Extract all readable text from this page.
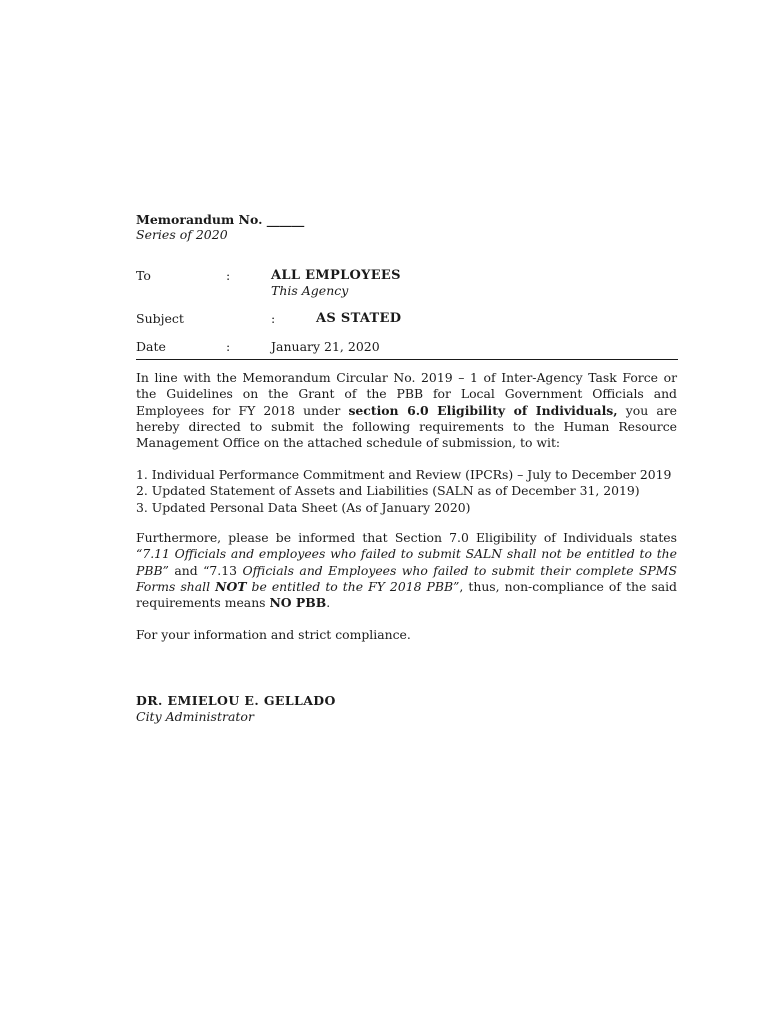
Memorandum No. ______
Series of 2020
To	:	ALL EMPLOYEES
This Agency
Subject	:	AS STATED
Date	:	January 21, 2020
In line with the Memorandum Circular No. 2019 – 1 of Inter-Agency Task Force or the Guidelines on the Grant of the PBB for Local Government Officials and Employees for FY 2018 under section 6.0 Eligibility of Individuals, you are hereby directed to submit the following requirements to the Human Resource Management Office on the attached schedule of submission, to wit:
1. Individual Performance Commitment and Review (IPCRs) – July to December 2019
2. Updated Statement of Assets and Liabilities (SALN as of December 31, 2019)
3. Updated Personal Data Sheet (As of January 2020)
Furthermore, please be informed that Section 7.0 Eligibility of Individuals states “7.11 Officials and employees who failed to submit SALN shall not be entitled to the PBB” and “7.13 Officials and Employees who failed to submit their complete SPMS Forms shall NOT be entitled to the FY 2018 PBB”, thus, non-compliance of the said requirements means NO PBB.
For your information and strict compliance.
DR. EMIELOU E. GELLADO
City Administrator
